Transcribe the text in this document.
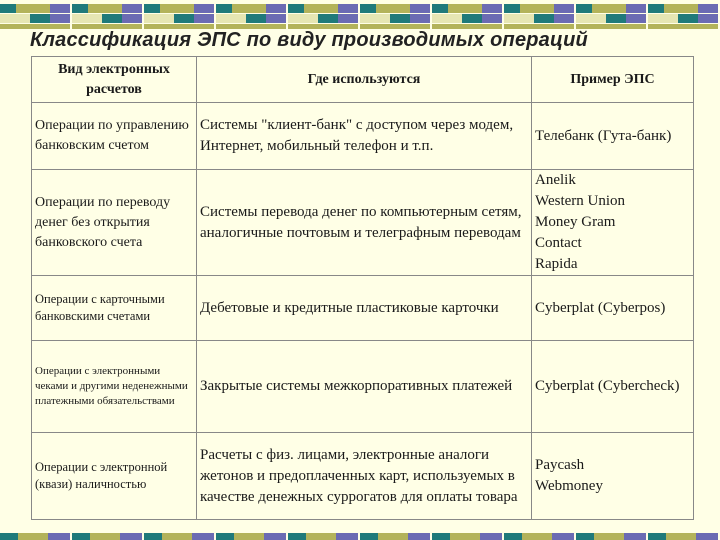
Классификация ЭПС по виду производимых операций
Вид электронных расчетов	Где используются	Пример ЭПС
Операции по управлению банковским счетом	Системы "клиент-банк" с доступом через модем, Интернет, мобильный телефон и т.п.	Телебанк (Гута-банк)
Операции по переводу денег без открытия банковского счета	Системы перевода денег по компьютерным сетям, аналогичные почтовым и телеграфным переводам	Anelik
Western Union
Money Gram
Contact
Rapida

Операции с карточными банковскими счетами	Дебетовые и кредитные пластиковые карточки	Cyberplat (Cyberpos)
Операции с электронными чеками и другими неденежными платежными обязательствами	Закрытые системы межкорпоративных платежей	Cyberplat (Cybercheck)
Операции с электронной (квази) наличностью	Расчеты с физ. лицами, электронные аналоги жетонов и предоплаченных карт, используемых в качестве денежных суррогатов для оплаты товара	Paycash
Webmoney
